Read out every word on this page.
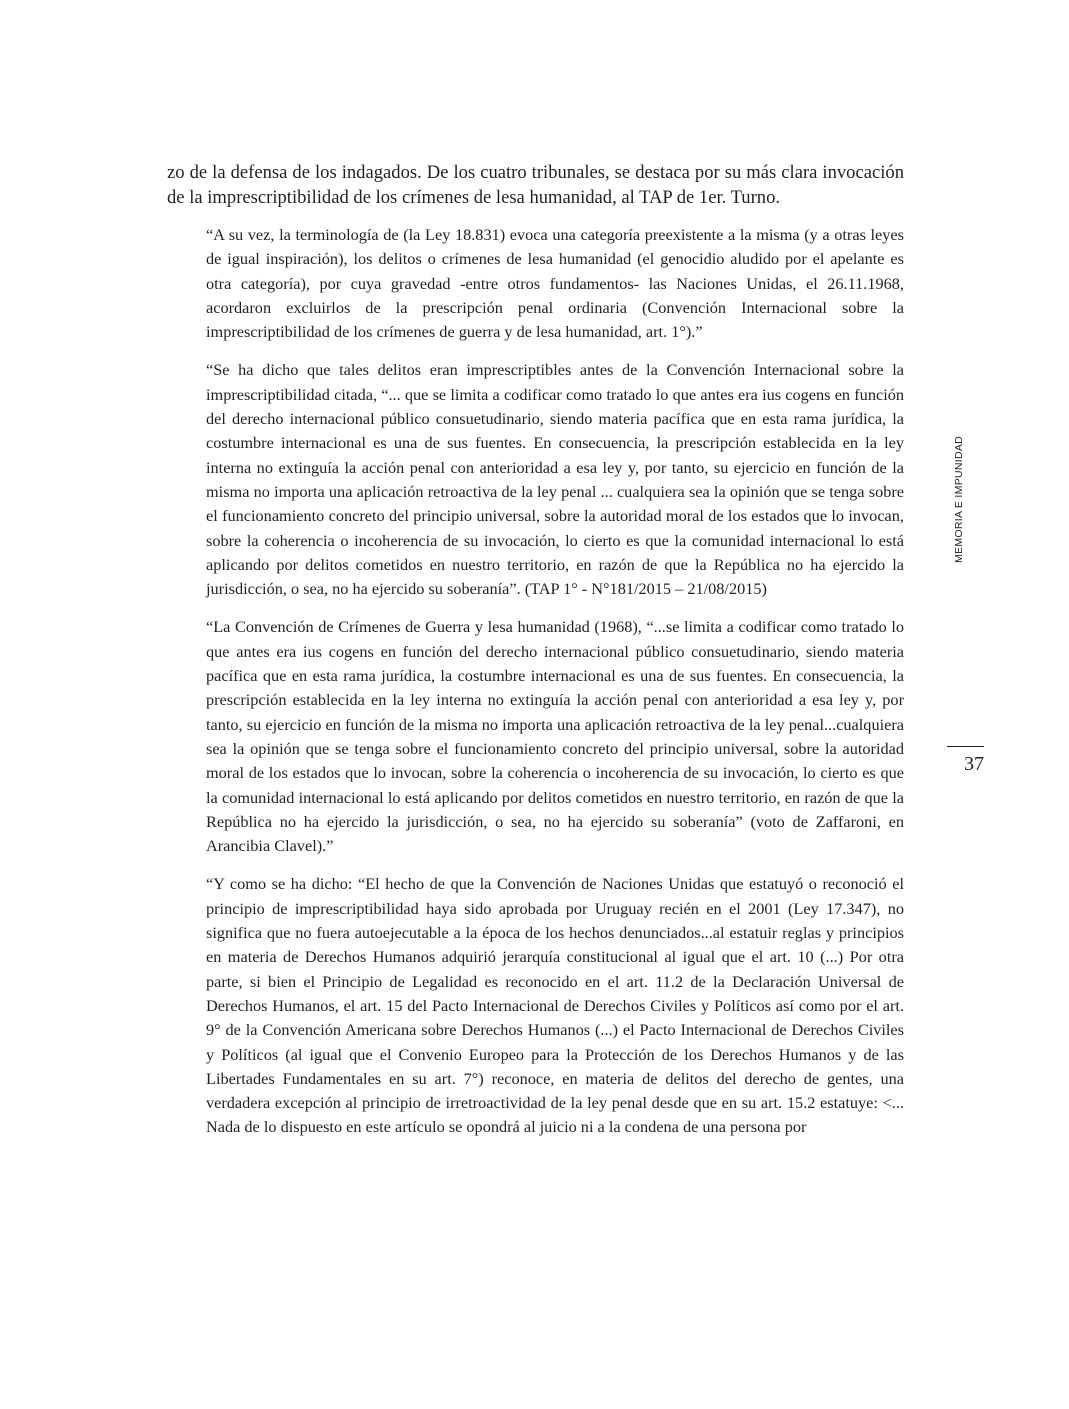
zo de la defensa de los indagados. De los cuatro tribunales, se destaca por su más clara invocación de la imprescriptibilidad de los crímenes de lesa humanidad, al TAP de 1er. Turno.

“A su vez, la terminología de (la Ley 18.831) evoca una categoría preexistente a la misma (y a otras leyes de igual inspiración), los delitos o crímenes de lesa humanidad (el genocidio aludido por el apelante es otra categoría), por cuya gravedad -entre otros fundamentos- las Naciones Unidas, el 26.11.1968, acordaron excluirlos de la prescripción penal ordinaria (Convención Internacional sobre la imprescriptibilidad de los crímenes de guerra y de lesa humanidad, art. 1°).”

“Se ha dicho que tales delitos eran imprescriptibles antes de la Convención Internacional sobre la imprescriptibilidad citada, “... que se limita a codificar como tratado lo que antes era ius cogens en función del derecho internacional público consuetudinario, siendo materia pacífica que en esta rama jurídica, la costumbre internacional es una de sus fuentes. En consecuencia, la prescripción establecida en la ley interna no extinguía la acción penal con anterioridad a esa ley y, por tanto, su ejercicio en función de la misma no importa una aplicación retroactiva de la ley penal ... cualquiera sea la opinión que se tenga sobre el funcionamiento concreto del principio universal, sobre la autoridad moral de los estados que lo invocan, sobre la coherencia o incoherencia de su invocación, lo cierto es que la comunidad internacional lo está aplicando por delitos cometidos en nuestro territorio, en razón de que la República no ha ejercido la jurisdicción, o sea, no ha ejercido su soberanía”. (TAP 1° - N°181/2015 – 21/08/2015)

“La Convención de Crímenes de Guerra y lesa humanidad (1968), “...se limita a codificar como tratado lo que antes era ius cogens en función del derecho internacional público consuetudinario, siendo materia pacífica que en esta rama jurídica, la costumbre internacional es una de sus fuentes. En consecuencia, la prescripción establecida en la ley interna no extinguía la acción penal con anterioridad a esa ley y, por tanto, su ejercicio en función de la misma no importa una aplicación retroactiva de la ley penal...cualquiera sea la opinión que se tenga sobre el funcionamiento concreto del principio universal, sobre la autoridad moral de los estados que lo invocan, sobre la coherencia o incoherencia de su invocación, lo cierto es que la comunidad internacional lo está aplicando por delitos cometidos en nuestro territorio, en razón de que la República no ha ejercido la jurisdicción, o sea, no ha ejercido su soberanía” (voto de Zaffaroni, en Arancibia Clavel).”

“Y como se ha dicho: “El hecho de que la Convención de Naciones Unidas que estatuyó o reconoció el principio de imprescriptibilidad haya sido aprobada por Uruguay recién en el 2001 (Ley 17.347), no significa que no fuera autoejecutable a la época de los hechos denunciados...al estatuir reglas y principios en materia de Derechos Humanos adquirió jerarquía constitucional al igual que el art. 10 (...) Por otra parte, si bien el Principio de Legalidad es reconocido en el art. 11.2 de la Declaración Universal de Derechos Humanos, el art. 15 del Pacto Internacional de Derechos Civiles y Políticos así como por el art. 9° de la Convención Americana sobre Derechos Humanos (...) el Pacto Internacional de Derechos Civiles y Políticos (al igual que el Convenio Europeo para la Protección de los Derechos Humanos y de las Libertades Fundamentales en su art. 7°) reconoce, en materia de delitos del derecho de gentes, una verdadera excepción al principio de irretroactividad de la ley penal desde que en su art. 15.2 estatuye: <... Nada de lo dispuesto en este artículo se opondrá al juicio ni a la condena de una persona por

MEMORIA E IMPUNIDAD
37
